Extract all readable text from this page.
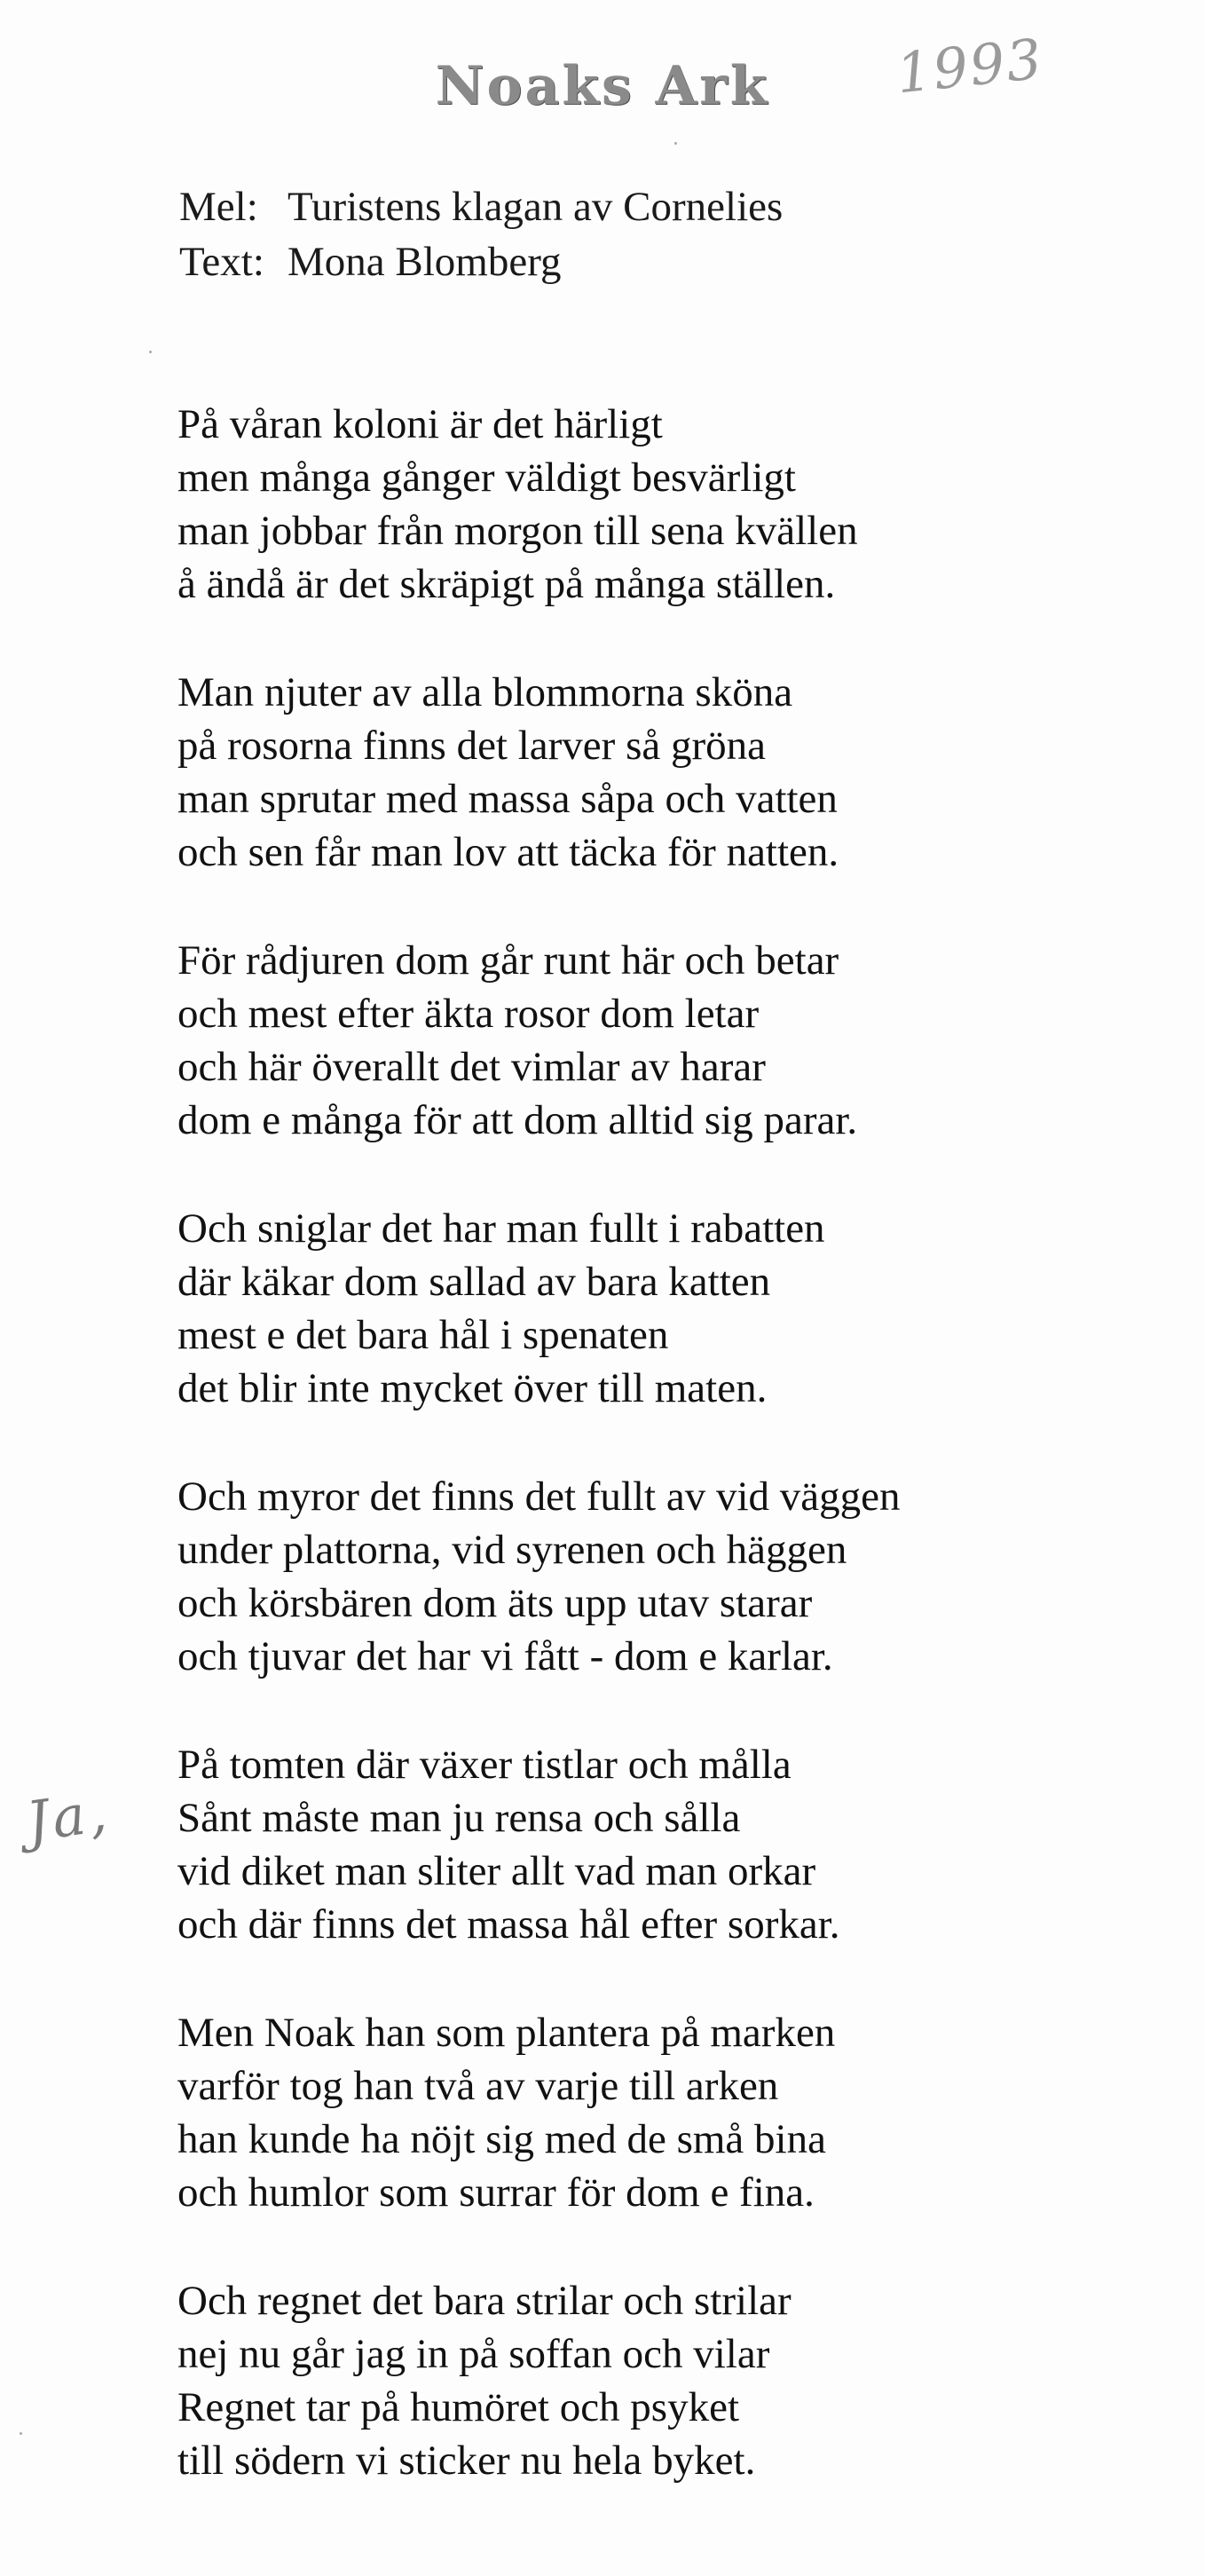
Noaks Ark	1993
Mel: Turistens klagan av Cornelies
Text: Mona Blomberg
På våran koloni är det härligt
men många gånger väldigt besvärligt
man jobbar från morgon till sena kvällen
å ändå är det skräpigt på många ställen.
Man njuter av alla blommorna sköna
på rosorna finns det larver så gröna
man sprutar med massa såpa och vatten
och sen får man lov att täcka för natten.
För rådjuren dom går runt här och betar
och mest efter äkta rosor dom letar
och här överallt det vimlar av harar
dom e många för att dom alltid sig parar.
Och sniglar det har man fullt i rabatten
där käkar dom sallad av bara katten
mest e det bara hål i spenaten
det blir inte mycket över till maten.
Och myror det finns det fullt av vid väggen
under plattorna, vid syrenen och häggen
och körsbären dom äts upp utav starar
och tjuvar det har vi fått - dom e karlar.
På tomten där växer tistlar och målla
Sånt måste man ju rensa och sålla
vid diket man sliter allt vad man orkar
och där finns det massa hål efter sorkar.
Men Noak han som plantera på marken
varför tog han två av varje till arken
han kunde ha nöjt sig med de små bina
och humlor som surrar för dom e fina.
Och regnet det bara strilar och strilar
nej nu går jag in på soffan och vilar
Regnet tar på humöret och psyket
till södern vi sticker nu hela byket.
Ja,
